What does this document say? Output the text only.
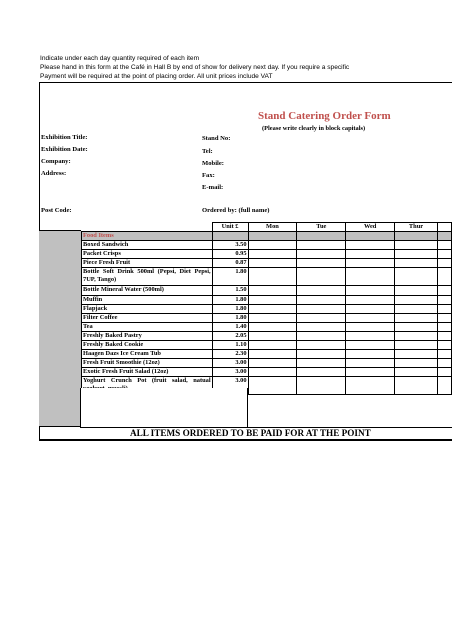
Indicate under each day quantity required of each item
Please hand in this form at the Café in Hall B by end of show for delivery next day. If you require a specific
Payment will be required at the point of placing order. All unit prices include VAT
Stand Catering Order Form
(Please write clearly in block capitals)
Exhibition Title:
Exhibition Date:
Company:
Address:
Post Code:
Stand No:
Tel:
Mobile:
Fax:
E-mail:
Ordered by: (full name)
	Unit £	Mon	Tue	Wed	Thur	
Food Items						
Boxed Sandwich	3.50					
Packet Crisps	0.95					
Piece Fresh Fruit	0.87					
Bottle Soft Drink 500ml (Pepsi, Diet Pepsi, 7UP, Tango)	1.80					
Bottle Mineral Water (500ml)	1.50					
Muffin	1.80					
Flapjack	1.80					
Filter Coffee	1.80					
Tea	1.40					
Freshly Baked Pastry	2.05					
Freshly Baked Cookie	1.10					
Haagen Dazs Ice Cream Tub	2.30					
Fresh Fruit Smoothie (12oz)	3.00					
Exotic Fresh Fruit Salad (12oz)	3.00					
Yoghurt Crunch Pot (fruit salad, natual	3.00					
ALL ITEMS ORDERED TO BE PAID FOR AT THE POINT
